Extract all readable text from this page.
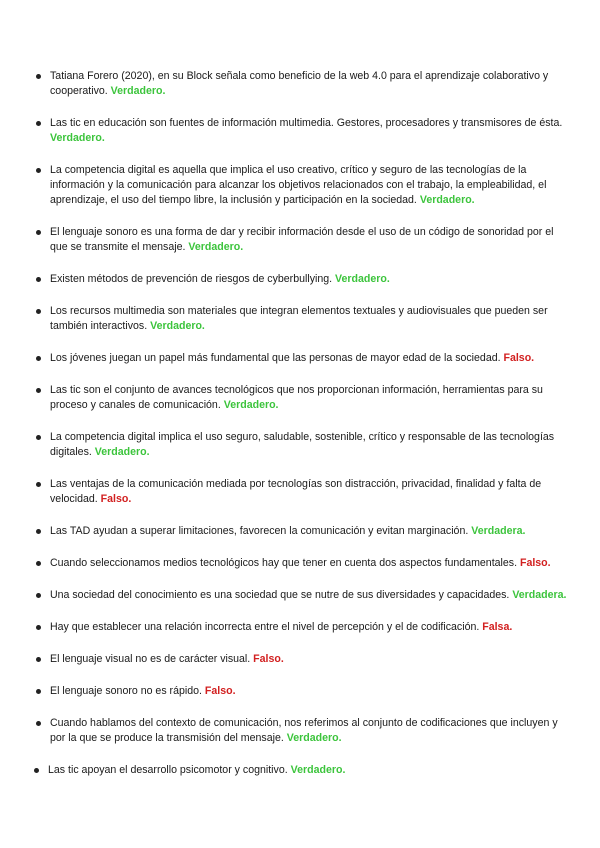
Tatiana Forero (2020), en su Block señala como beneficio de la web 4.0 para el aprendizaje colaborativo y cooperativo. Verdadero.
Las tic en educación son fuentes de información multimedia. Gestores, procesadores y transmisores de ésta. Verdadero.
La competencia digital es aquella que implica el uso creativo, crítico y seguro de las tecnologías de la información y la comunicación para alcanzar los objetivos relacionados con el trabajo, la empleabilidad, el aprendizaje, el uso del tiempo libre, la inclusión y participación en la sociedad. Verdadero.
El lenguaje sonoro es una forma de dar y recibir información desde el uso de un código de sonoridad por el que se transmite el mensaje. Verdadero.
Existen métodos de prevención de riesgos de cyberbullying. Verdadero.
Los recursos multimedia son materiales que integran elementos textuales y audiovisuales que pueden ser también interactivos. Verdadero.
Los jóvenes juegan un papel más fundamental que las personas de mayor edad de la sociedad. Falso.
Las tic son el conjunto de avances tecnológicos que nos proporcionan información, herramientas para su proceso y canales de comunicación. Verdadero.
La competencia digital implica el uso seguro, saludable, sostenible, crítico y responsable de las tecnologías digitales. Verdadero.
Las ventajas de la comunicación mediada por tecnologías son distracción, privacidad, finalidad y falta de velocidad. Falso.
Las TAD ayudan a superar limitaciones, favorecen la comunicación y evitan marginación. Verdadera.
Cuando seleccionamos medios tecnológicos hay que tener en cuenta dos aspectos fundamentales. Falso.
Una sociedad del conocimiento es una sociedad que se nutre de sus diversidades y capacidades. Verdadera.
Hay que establecer una relación incorrecta entre el nivel de percepción y el de codificación. Falsa.
El lenguaje visual no es de carácter visual. Falso.
El lenguaje sonoro no es rápido. Falso.
Cuando hablamos del contexto de comunicación, nos referimos al conjunto de codificaciones que incluyen y por la que se produce la transmisión del mensaje. Verdadero.
Las tic apoyan el desarrollo psicomotor y cognitivo. Verdadero.
